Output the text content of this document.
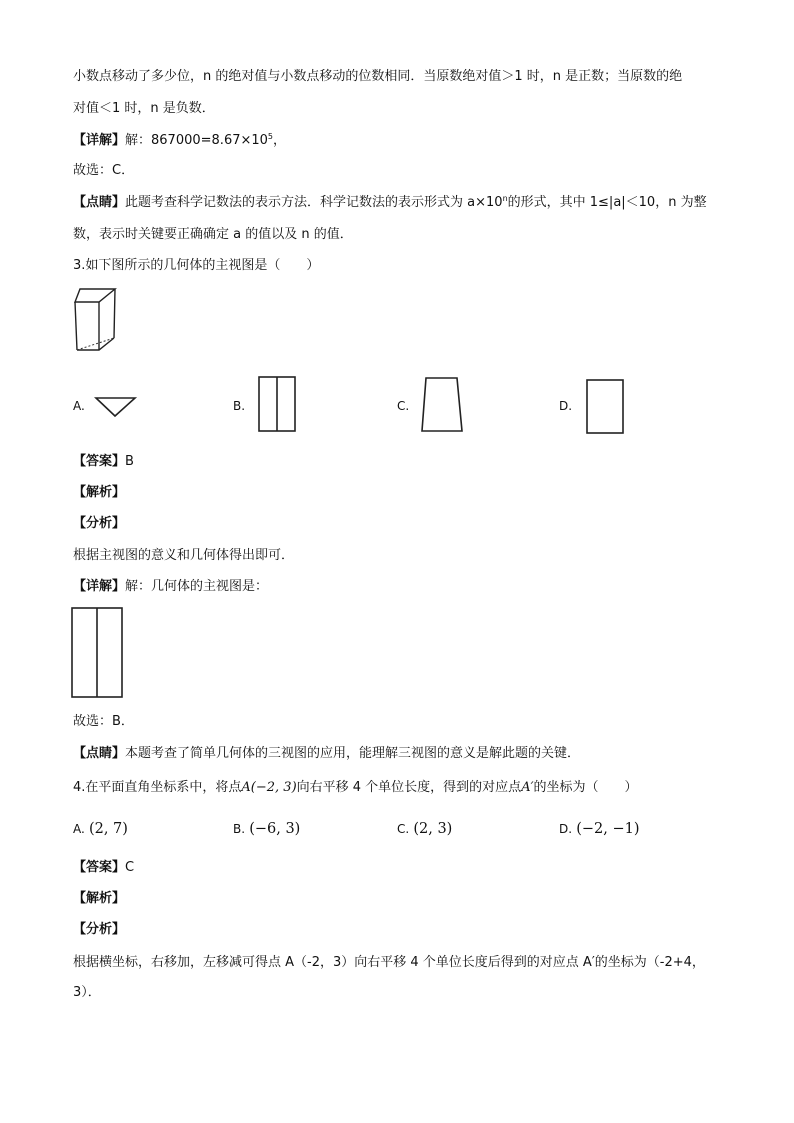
小数点移动了多少位，n 的绝对值与小数点移动的位数相同．当原数绝对值＞1 时，n 是正数；当原数的绝
对值＜1 时，n 是负数．
【详解】解：$867000=8.67\times 10^5$，
故选：C．
【点睛】此题考查科学记数法的表示方法．科学记数法的表示形式为 $a\times 10^n$的形式，其中 1≤|a|＜10，n 为整
数，表示时关键要正确确定 a 的值以及 n 的值．
3.如下图所示的几何体的主视图是（　　）
A.	B.	C.	D.
【答案】B
【解析】
【分析】
根据主视图的意义和几何体得出即可．
【详解】解：几何体的主视图是：
故选：B．
【点睛】本题考查了简单几何体的三视图的应用，能理解三视图的意义是解此题的关键．
4.在平面直角坐标系中，将点A(−2, 3)向右平移 4 个单位长度，得到的对应点A′的坐标为（　　）
A. (2, 7)	B. (−6, 3)	C. (2, 3)	D. (−2, −1)
【答案】C
【解析】
【分析】
根据横坐标，右移加，左移减可得点 A（-2，3）向右平移 4 个单位长度后得到的对应点 A′的坐标为（-2+4，
3）．
